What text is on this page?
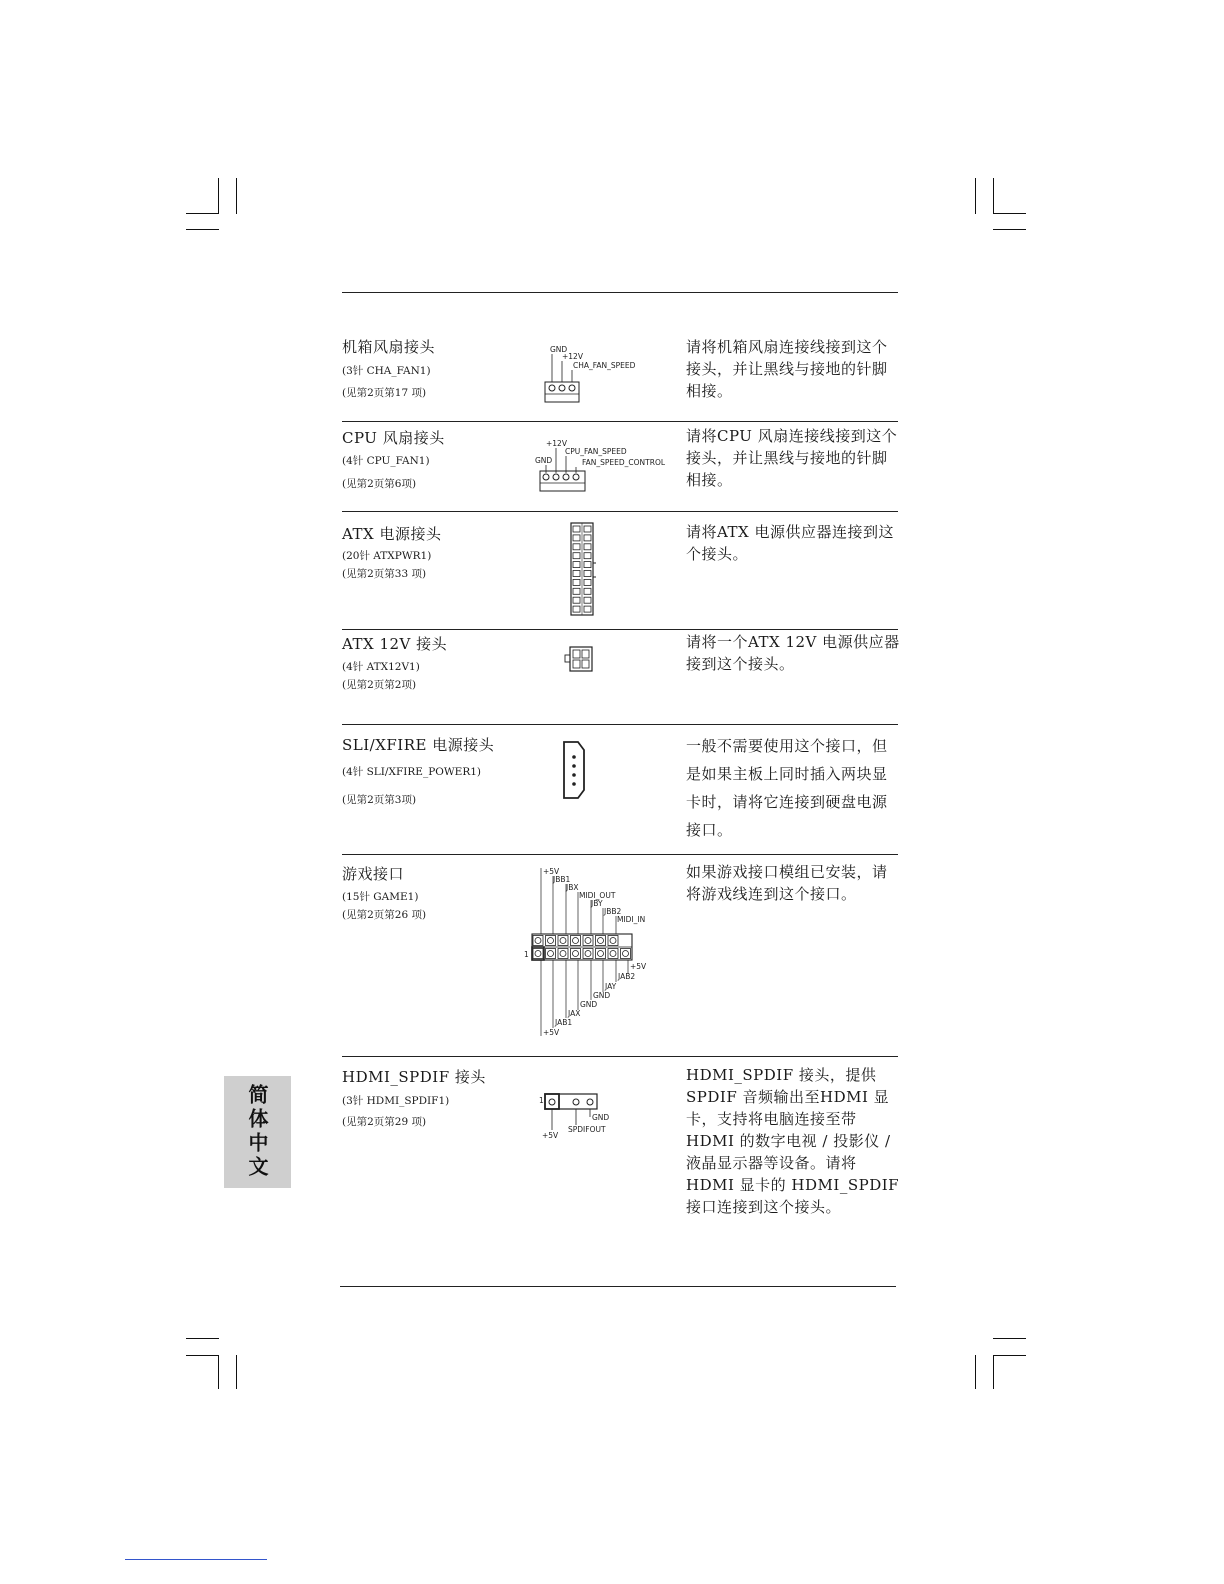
机箱风扇接头
(3针 CHA_FAN1)
(见第2页第17 项)
GND
+12V
CHA_FAN_SPEED
请将机箱风扇连接线接到这个接头，并让黑线与接地的针脚相接。
CPU 风扇接头
(4针 CPU_FAN1)
(见第2页第6项)
+12V
CPU_FAN_SPEED
GND	FAN_SPEED_CONTROL
请将CPU 风扇连接线接到这个接头，并让黑线与接地的针脚相接。
ATX 电源接头
(20针 ATXPWR1)
(见第2页第33 项)
请将ATX 电源供应器连接到这个接头。
ATX 12V 接头
(4针 ATX12V1)
(见第2页第2项)
请将一个ATX 12V 电源供应器接到这个接头。
SLI/XFIRE 电源接头
(4针 SLI/XFIRE_POWER1)
(见第2页第3项)
一般不需要使用这个接口，但是如果主板上同时插入两块显卡时，请将它连接到硬盘电源接口。
游戏接口
(15针 GAME1)
(见第2页第26 项)
+5V
JBB1
JBX
MIDI_OUT
JBY
JBB2
MIDI_IN
1
+5V
JAB2
JAY
GND
GND
JAX
JAB1
+5V
如果游戏接口模组已安装，请将游戏线连到这个接口。
HDMI_SPDIF 接头
(3针 HDMI_SPDIF1)
(见第2页第29 项)
1
GND
+5V
SPDIFOUT
HDMI_SPDIF 接头，提供SPDIF 音频输出至HDMI 显卡，支持将电脑连接至带 HDMI 的数字电视 / 投影仪 / 液晶显示器等设备。请将HDMI 显卡的 HDMI_SPDIF 接口连接到这个接头。
简体中文
